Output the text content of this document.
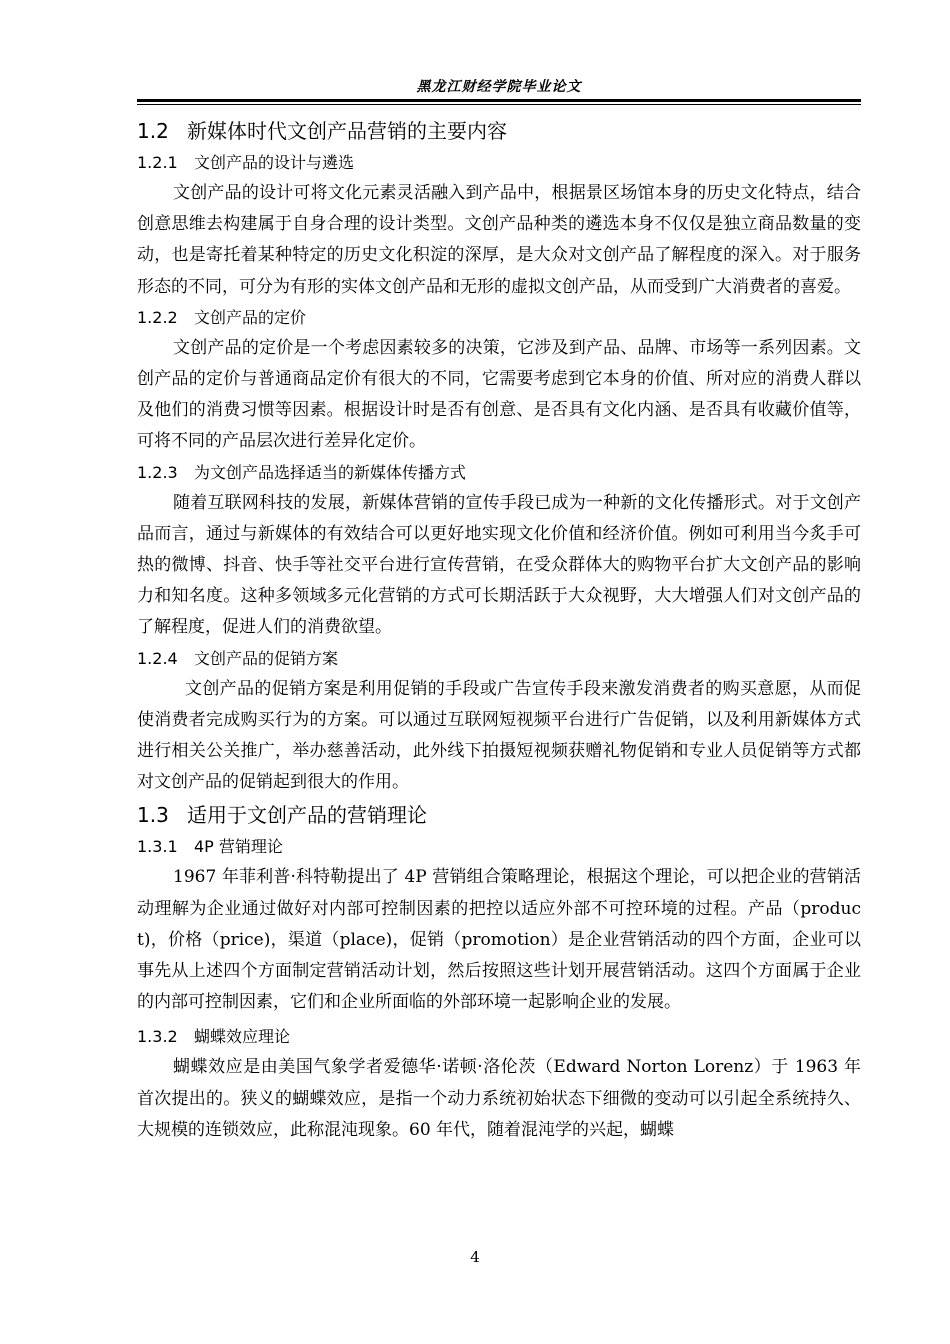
黑龙江财经学院毕业论文
1.2 新媒体时代文创产品营销的主要内容
1.2.1 文创产品的设计与遴选

文创产品的设计可将文化元素灵活融入到产品中，根据景区场馆本身的历史文化特点，结合创意思维去构建属于自身合理的设计类型。文创产品种类的遴选本身不仅仅是独立商品数量的变动，也是寄托着某种特定的历史文化积淀的深厚，是大众对文创产品了解程度的深入。对于服务形态的不同，可分为有形的实体文创产品和无形的虚拟文创产品，从而受到广大消费者的喜爱。

1.2.2 文创产品的定价

文创产品的定价是一个考虑因素较多的决策，它涉及到产品、品牌、市场等一系列因素。文创产品的定价与普通商品定价有很大的不同，它需要考虑到它本身的价值、所对应的消费人群以及他们的消费习惯等因素。根据设计时是否有创意、是否具有文化内涵、是否具有收藏价值等，可将不同的产品层次进行差异化定价。

1.2.3 为文创产品选择适当的新媒体传播方式

随着互联网科技的发展，新媒体营销的宣传手段已成为一种新的文化传播形式。对于文创产品而言，通过与新媒体的有效结合可以更好地实现文化价值和经济价值。例如可利用当今炙手可热的微博、抖音、快手等社交平台进行宣传营销，在受众群体大的购物平台扩大文创产品的影响力和知名度。这种多领域多元化营销的方式可长期活跃于大众视野，大大增强人们对文创产品的了解程度，促进人们的消费欲望。

1.2.4 文创产品的促销方案

文创产品的促销方案是利用促销的手段或广告宣传手段来激发消费者的购买意愿，从而促使消费者完成购买行为的方案。可以通过互联网短视频平台进行广告促销，以及利用新媒体方式进行相关公关推广，举办慈善活动，此外线下拍摄短视频获赠礼物促销和专业人员促销等方式都对文创产品的促销起到很大的作用。

1.3 适用于文创产品的营销理论
1.3.1 4P 营销理论

1967 年菲利普·科特勒提出了 4P 营销组合策略理论，根据这个理论，可以把企业的营销活动理解为企业通过做好对内部可控制因素的把控以适应外部不可控环境的过程。产品（product)，价格（price)，渠道（place)，促销（promotion）是企业营销活动的四个方面，企业可以事先从上述四个方面制定营销活动计划，然后按照这些计划开展营销活动。这四个方面属于企业的内部可控制因素，它们和企业所面临的外部环境一起影响企业的发展。

1.3.2 蝴蝶效应理论

蝴蝶效应是由美国气象学者爱德华·诺顿·洛伦茨（Edward Norton Lorenz）于 1963 年首次提出的。狭义的蝴蝶效应，是指一个动力系统初始状态下细微的变动可以引起全系统持久、大规模的连锁效应，此称混沌现象。60 年代，随着混沌学的兴起，蝴蝶

4
